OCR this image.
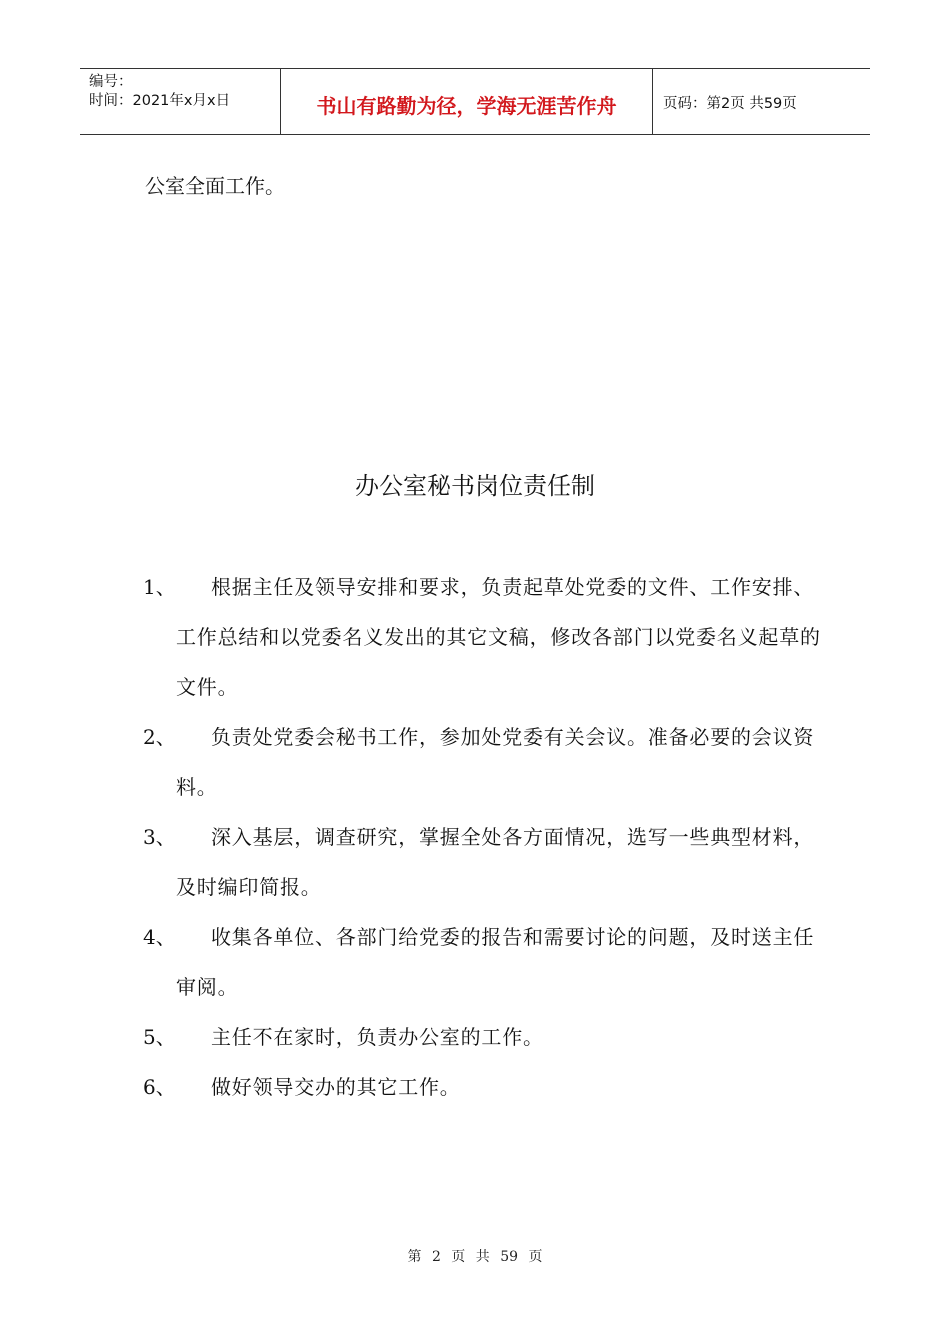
编号：
时间：2021年x月x日	书山有路勤为径，学海无涯苦作舟	页码：第2页 共59页
公室全面工作。
办公室秘书岗位责任制
1、	根据主任及领导安排和要求，负责起草处党委的文件、工作安排、工作总结和以党委名义发出的其它文稿，修改各部门以党委名义起草的文件。
2、	负责处党委会秘书工作，参加处党委有关会议。准备必要的会议资料。
3、	深入基层，调查研究，掌握全处各方面情况，选写一些典型材料，及时编印简报。
4、	收集各单位、各部门给党委的报告和需要讨论的问题，及时送主任审阅。
5、	主任不在家时，负责办公室的工作。
6、	做好领导交办的其它工作。
第 2 页 共 59 页
